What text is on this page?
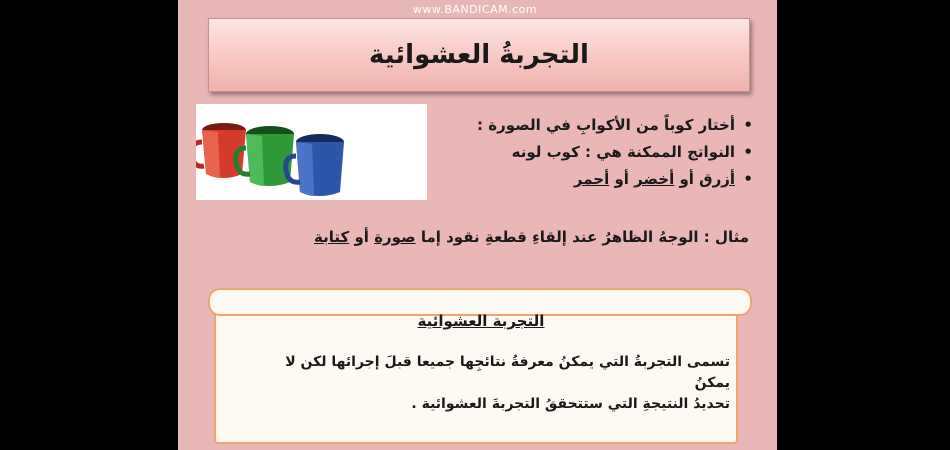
www.BANDICAM.com
التجربةُ العشوائية
• أختار كوباً من الأكوابِ في الصورة :
• النواتج الممكنة هي : كوب لونه
• أزرق أو أخضر أو أحمر
مثال : الوجهُ الظاهرُ عند إلقاءِ قطعةِ نقود إما صورة أو كتابة
التجربة العشوائية
تسمى التجربةُ التي يمكنُ معرفةُ نتائجِها جميعا قبلَ إجرائها لكن لا يمكنُ
تحديدُ النتيجةِ التي ستتحققُ التجربةَ العشوائية .
